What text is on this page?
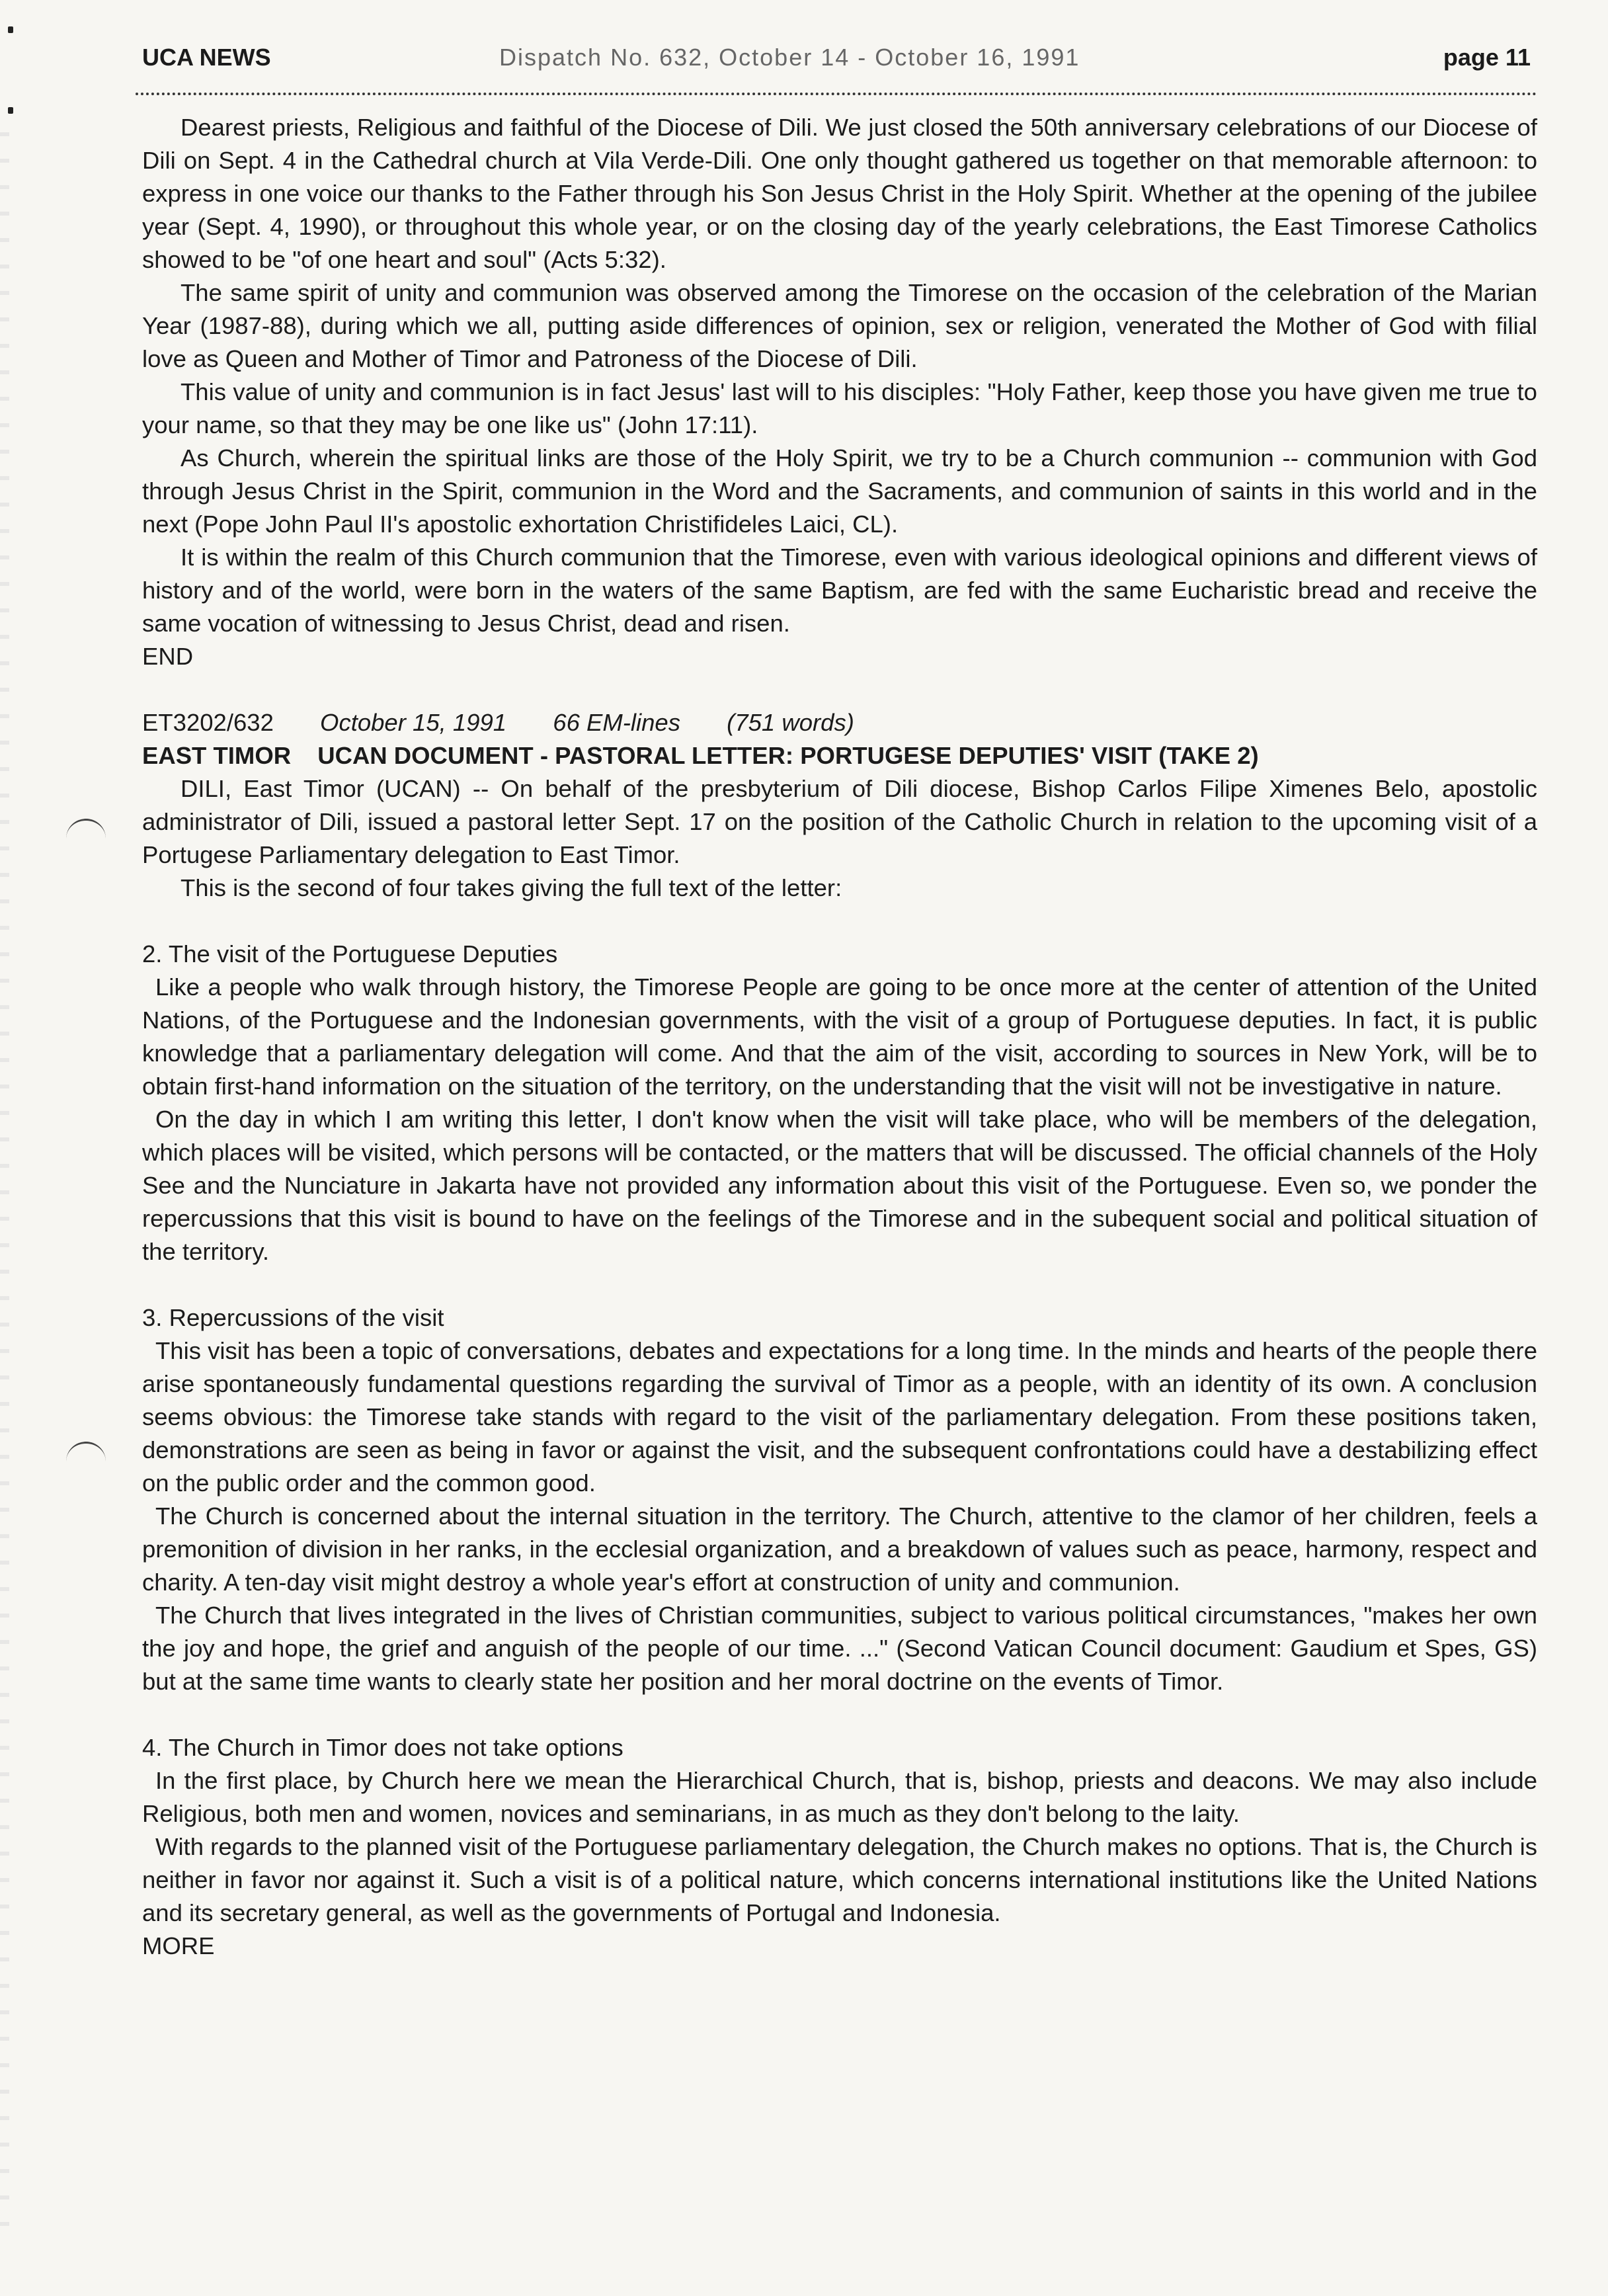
UCA NEWS	Dispatch No. 632, October 14 - October 16, 1991	page 11

Dearest priests, Religious and faithful of the Diocese of Dili. We just closed the 50th anniversary celebrations of our Diocese of Dili on Sept. 4 in the Cathedral church at Vila Verde-Dili. One only thought gathered us together on that memorable afternoon: to express in one voice our thanks to the Father through his Son Jesus Christ in the Holy Spirit. Whether at the opening of the jubilee year (Sept. 4, 1990), or throughout this whole year, or on the closing day of the yearly celebrations, the East Timorese Catholics showed to be "of one heart and soul" (Acts 5:32).

The same spirit of unity and communion was observed among the Timorese on the occasion of the celebration of the Marian Year (1987-88), during which we all, putting aside differences of opinion, sex or religion, venerated the Mother of God with filial love as Queen and Mother of Timor and Patroness of the Diocese of Dili.

This value of unity and communion is in fact Jesus' last will to his disciples: "Holy Father, keep those you have given me true to your name, so that they may be one like us" (John 17:11).

As Church, wherein the spiritual links are those of the Holy Spirit, we try to be a Church communion -- communion with God through Jesus Christ in the Spirit, communion in the Word and the Sacraments, and communion of saints in this world and in the next (Pope John Paul II's apostolic exhortation Christifideles Laici, CL).

It is within the realm of this Church communion that the Timorese, even with various ideological opinions and different views of history and of the world, were born in the waters of the same Baptism, are fed with the same Eucharistic bread and receive the same vocation of witnessing to Jesus Christ, dead and risen.

END
ET3202/632 October 15, 1991 66 EM-lines (751 words)
EAST TIMOR UCAN DOCUMENT - PASTORAL LETTER: PORTUGESE DEPUTIES' VISIT (TAKE 2)

DILI, East Timor (UCAN) -- On behalf of the presbyterium of Dili diocese, Bishop Carlos Filipe Ximenes Belo, apostolic administrator of Dili, issued a pastoral letter Sept. 17 on the position of the Catholic Church in relation to the upcoming visit of a Portugese Parliamentary delegation to East Timor.

This is the second of four takes giving the full text of the letter:

2. The visit of the Portuguese Deputies

Like a people who walk through history, the Timorese People are going to be once more at the center of attention of the United Nations, of the Portuguese and the Indonesian governments, with the visit of a group of Portuguese deputies. In fact, it is public knowledge that a parliamentary delegation will come. And that the aim of the visit, according to sources in New York, will be to obtain first-hand information on the situation of the territory, on the understanding that the visit will not be investigative in nature.

On the day in which I am writing this letter, I don't know when the visit will take place, who will be members of the delegation, which places will be visited, which persons will be contacted, or the matters that will be discussed. The official channels of the Holy See and the Nunciature in Jakarta have not provided any information about this visit of the Portuguese. Even so, we ponder the repercussions that this visit is bound to have on the feelings of the Timorese and in the subequent social and political situation of the territory.

3. Repercussions of the visit

This visit has been a topic of conversations, debates and expectations for a long time. In the minds and hearts of the people there arise spontaneously fundamental questions regarding the survival of Timor as a people, with an identity of its own. A conclusion seems obvious: the Timorese take stands with regard to the visit of the parliamentary delegation. From these positions taken, demonstrations are seen as being in favor or against the visit, and the subsequent confrontations could have a destabilizing effect on the public order and the common good.

The Church is concerned about the internal situation in the territory. The Church, attentive to the clamor of her children, feels a premonition of division in her ranks, in the ecclesial organization, and a breakdown of values such as peace, harmony, respect and charity. A ten-day visit might destroy a whole year's effort at construction of unity and communion.

The Church that lives integrated in the lives of Christian communities, subject to various political circumstances, "makes her own the joy and hope, the grief and anguish of the people of our time. ..." (Second Vatican Council document: Gaudium et Spes, GS) but at the same time wants to clearly state her position and her moral doctrine on the events of Timor.

4. The Church in Timor does not take options

In the first place, by Church here we mean the Hierarchical Church, that is, bishop, priests and deacons. We may also include Religious, both men and women, novices and seminarians, in as much as they don't belong to the laity.

With regards to the planned visit of the Portuguese parliamentary delegation, the Church makes no options. That is, the Church is neither in favor nor against it. Such a visit is of a political nature, which concerns international institutions like the United Nations and its secretary general, as well as the governments of Portugal and Indonesia.

MORE
